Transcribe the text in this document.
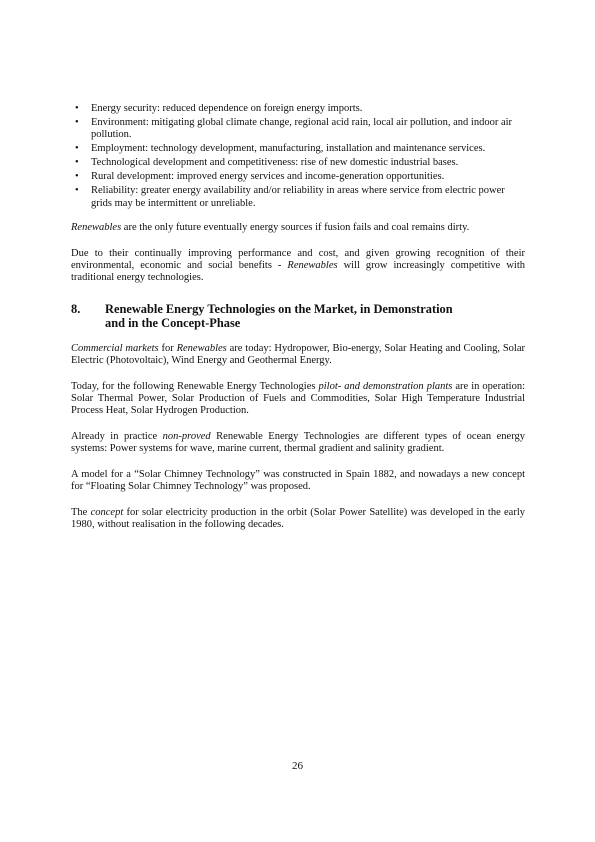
• Energy security: reduced dependence on foreign energy imports.
• Environment: mitigating global climate change, regional acid rain, local air pollution, and indoor air pollution.
• Employment: technology development, manufacturing, installation and maintenance services.
• Technological development and competitiveness: rise of new domestic industrial bases.
• Rural development: improved energy services and income-generation opportunities.
• Reliability: greater energy availability and/or reliability in areas where service from electric power grids may be intermittent or unreliable.

Renewables are the only future eventually energy sources if fusion fails and coal remains dirty.

Due to their continually improving performance and cost, and given growing recognition of their environmental, economic and social benefits - Renewables will grow increasingly competitive with traditional energy technologies.

8.	Renewable Energy Technologies on the Market, in Demonstration
and in the Concept-Phase

Commercial markets for Renewables are today: Hydropower, Bio-energy, Solar Heating and Cooling, Solar Electric (Photovoltaic), Wind Energy and Geothermal Energy.

Today, for the following Renewable Energy Technologies pilot- and demonstration plants are in operation: Solar Thermal Power, Solar Production of Fuels and Commodities, Solar High Temperature Industrial Process Heat, Solar Hydrogen Production.

Already in practice non-proved Renewable Energy Technologies are different types of ocean energy systems: Power systems for wave, marine current, thermal gradient and salinity gradient.

A model for a “Solar Chimney Technology” was constructed in Spain 1882, and nowadays a new concept for “Floating Solar Chimney Technology” was proposed.

The concept for solar electricity production in the orbit (Solar Power Satellite) was developed in the early 1980, without realisation in the following decades.

26
